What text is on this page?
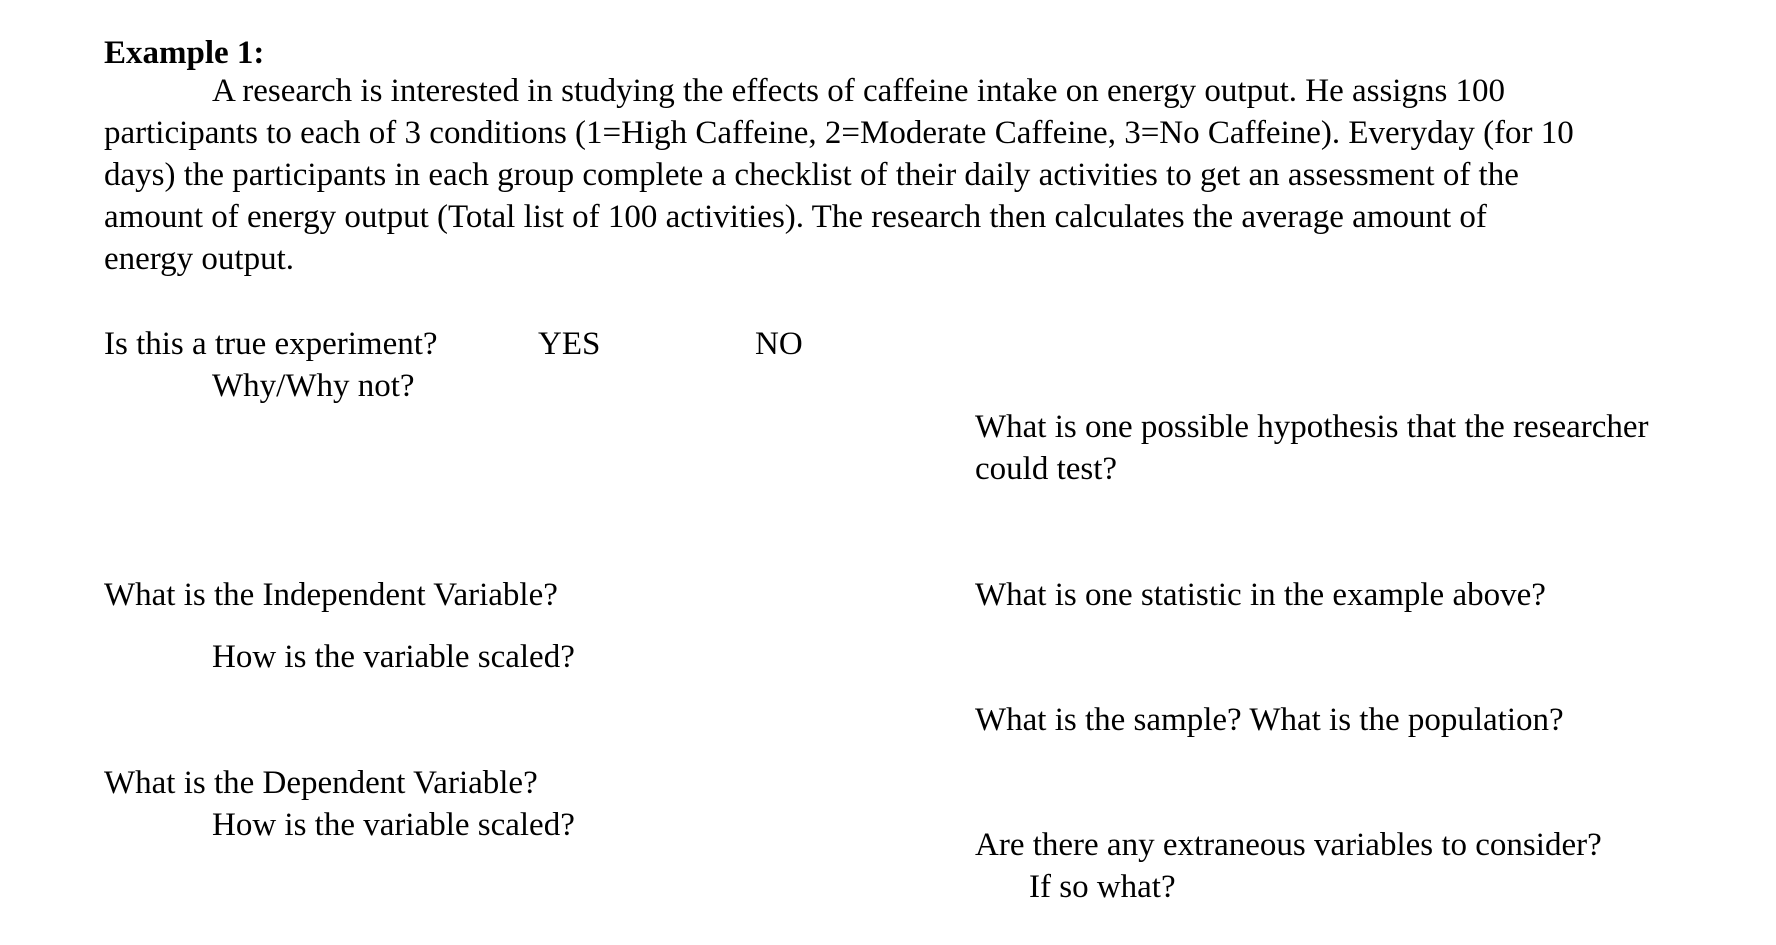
Example 1:
A research is interested in studying the effects of caffeine intake on energy output. He assigns 100
participants to each of 3 conditions (1=High Caffeine, 2=Moderate Caffeine, 3=No Caffeine). Everyday (for 10
days) the participants in each group complete a checklist of their daily activities to get an assessment of the
amount of energy output (Total list of 100 activities). The research then calculates the average amount of
energy output.
Is this a true experiment?	YES	NO
Why/Why not?
What is one possible hypothesis that the researcher
could test?
What is the Independent Variable?	What is one statistic in the example above?
How is the variable scaled?
What is the sample? What is the population?
What is the Dependent Variable?
How is the variable scaled?
Are there any extraneous variables to consider?
If so what?
